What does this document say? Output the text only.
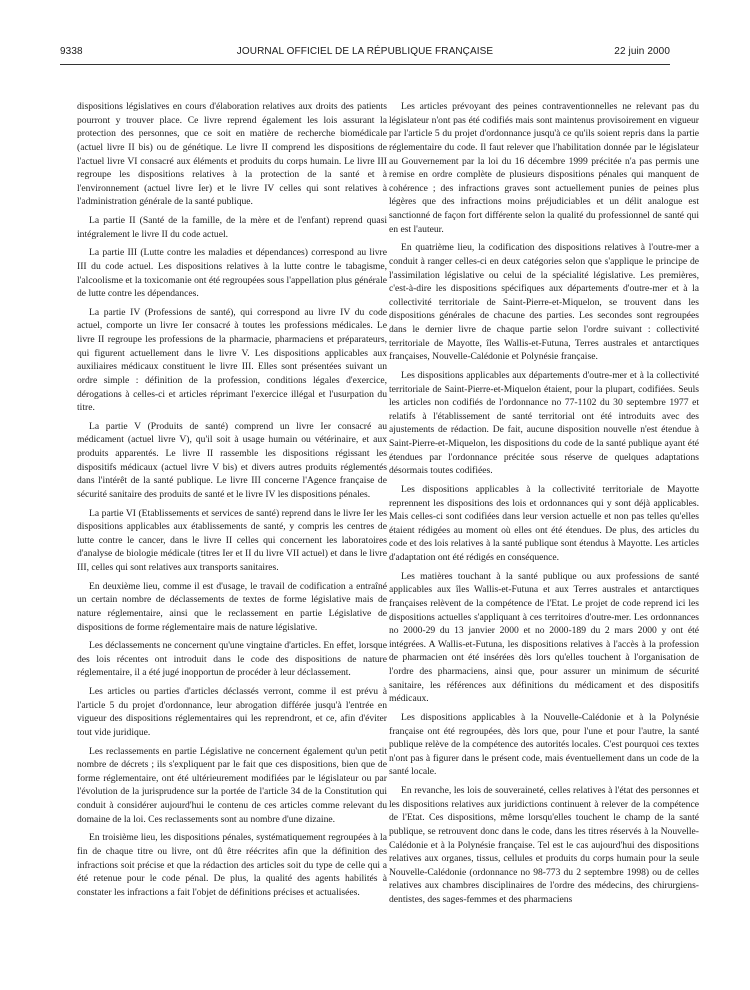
9338	JOURNAL OFFICIEL DE LA RÉPUBLIQUE FRANÇAISE	22 juin 2000

dispositions législatives en cours d'élaboration relatives aux droits des patients pourront y trouver place. Ce livre reprend également les lois assurant la protection des personnes, que ce soit en matière de recherche biomédicale (actuel livre II bis) ou de génétique. Le livre II comprend les dispositions de l'actuel livre VI consacré aux éléments et produits du corps humain. Le livre III regroupe les dispositions relatives à la protection de la santé et à l'environnement (actuel livre Ier) et le livre IV celles qui sont relatives à l'administration générale de la santé publique.

La partie II (Santé de la famille, de la mère et de l'enfant) reprend quasi intégralement le livre II du code actuel.

La partie III (Lutte contre les maladies et dépendances) correspond au livre III du code actuel. Les dispositions relatives à la lutte contre le tabagisme, l'alcoolisme et la toxicomanie ont été regroupées sous l'appellation plus générale de lutte contre les dépendances.

La partie IV (Professions de santé), qui correspond au livre IV du code actuel, comporte un livre Ier consacré à toutes les professions médicales. Le livre II regroupe les professions de la pharmacie, pharmaciens et préparateurs, qui figurent actuellement dans le livre V. Les dispositions applicables aux auxiliaires médicaux constituent le livre III. Elles sont présentées suivant un ordre simple : définition de la profession, conditions légales d'exercice, dérogations à celles-ci et articles réprimant l'exercice illégal et l'usurpation du titre.

La partie V (Produits de santé) comprend un livre Ier consacré au médicament (actuel livre V), qu'il soit à usage humain ou vétérinaire, et aux produits apparentés. Le livre II rassemble les dispositions régissant les dispositifs médicaux (actuel livre V bis) et divers autres produits réglementés dans l'intérêt de la santé publique. Le livre III concerne l'Agence française de sécurité sanitaire des produits de santé et le livre IV les dispositions pénales.

La partie VI (Etablissements et services de santé) reprend dans le livre Ier les dispositions applicables aux établissements de santé, y compris les centres de lutte contre le cancer, dans le livre II celles qui concernent les laboratoires d'analyse de biologie médicale (titres Ier et II du livre VII actuel) et dans le livre III, celles qui sont relatives aux transports sanitaires.

En deuxième lieu, comme il est d'usage, le travail de codification a entraîné un certain nombre de déclassements de textes de forme législative mais de nature réglementaire, ainsi que le reclassement en partie Législative de dispositions de forme réglementaire mais de nature législative.

Les déclassements ne concernent qu'une vingtaine d'articles. En effet, lorsque des lois récentes ont introduit dans le code des dispositions de nature réglementaire, il a été jugé inopportun de procéder à leur déclassement.

Les articles ou parties d'articles déclassés verront, comme il est prévu à l'article 5 du projet d'ordonnance, leur abrogation différée jusqu'à l'entrée en vigueur des dispositions réglementaires qui les reprendront, et ce, afin d'éviter tout vide juridique.

Les reclassements en partie Législative ne concernent également qu'un petit nombre de décrets ; ils s'expliquent par le fait que ces dispositions, bien que de forme réglementaire, ont été ultérieurement modifiées par le législateur ou par l'évolution de la jurisprudence sur la portée de l'article 34 de la Constitution qui conduit à considérer aujourd'hui le contenu de ces articles comme relevant du domaine de la loi. Ces reclassements sont au nombre d'une dizaine.

En troisième lieu, les dispositions pénales, systématiquement regroupées à la fin de chaque titre ou livre, ont dû être réécrites afin que la définition des infractions soit précise et que la rédaction des articles soit du type de celle qui a été retenue pour le code pénal. De plus, la qualité des agents habilités à constater les infractions a fait l'objet de définitions précises et actualisées.

Les articles prévoyant des peines contraventionnelles ne relevant pas du législateur n'ont pas été codifiés mais sont maintenus provisoirement en vigueur par l'article 5 du projet d'ordonnance jusqu'à ce qu'ils soient repris dans la partie réglementaire du code. Il faut relever que l'habilitation donnée par le législateur au Gouvernement par la loi du 16 décembre 1999 précitée n'a pas permis une remise en ordre complète de plusieurs dispositions pénales qui manquent de cohérence ; des infractions graves sont actuellement punies de peines plus légères que des infractions moins préjudiciables et un délit analogue est sanctionné de façon fort différente selon la qualité du professionnel de santé qui en est l'auteur.

En quatrième lieu, la codification des dispositions relatives à l'outre-mer a conduit à ranger celles-ci en deux catégories selon que s'applique le principe de l'assimilation législative ou celui de la spécialité législative. Les premières, c'est-à-dire les dispositions spécifiques aux départements d'outre-mer et à la collectivité territoriale de Saint-Pierre-et-Miquelon, se trouvent dans les dispositions générales de chacune des parties. Les secondes sont regroupées dans le dernier livre de chaque partie selon l'ordre suivant : collectivité territoriale de Mayotte, îles Wallis-et-Futuna, Terres australes et antarctiques françaises, Nouvelle-Calédonie et Polynésie française.

Les dispositions applicables aux départements d'outre-mer et à la collectivité territoriale de Saint-Pierre-et-Miquelon étaient, pour la plupart, codifiées. Seuls les articles non codifiés de l'ordonnance no 77-1102 du 30 septembre 1977 et relatifs à l'établissement de santé territorial ont été introduits avec des ajustements de rédaction. De fait, aucune disposition nouvelle n'est étendue à Saint-Pierre-et-Miquelon, les dispositions du code de la santé publique ayant été étendues par l'ordonnance précitée sous réserve de quelques adaptations désormais toutes codifiées.

Les dispositions applicables à la collectivité territoriale de Mayotte reprennent les dispositions des lois et ordonnances qui y sont déjà applicables. Mais celles-ci sont codifiées dans leur version actuelle et non pas telles qu'elles étaient rédigées au moment où elles ont été étendues. De plus, des articles du code et des lois relatives à la santé publique sont étendus à Mayotte. Les articles d'adaptation ont été rédigés en conséquence.

Les matières touchant à la santé publique ou aux professions de santé applicables aux îles Wallis-et-Futuna et aux Terres australes et antarctiques françaises relèvent de la compétence de l'Etat. Le projet de code reprend ici les dispositions actuelles s'appliquant à ces territoires d'outre-mer. Les ordonnances no 2000-29 du 13 janvier 2000 et no 2000-189 du 2 mars 2000 y ont été intégrées. A Wallis-et-Futuna, les dispositions relatives à l'accès à la profession de pharmacien ont été insérées dès lors qu'elles touchent à l'organisation de l'ordre des pharmaciens, ainsi que, pour assurer un minimum de sécurité sanitaire, les références aux définitions du médicament et des dispositifs médicaux.

Les dispositions applicables à la Nouvelle-Calédonie et à la Polynésie française ont été regroupées, dès lors que, pour l'une et pour l'autre, la santé publique relève de la compétence des autorités locales. C'est pourquoi ces textes n'ont pas à figurer dans le présent code, mais éventuellement dans un code de la santé locale.

En revanche, les lois de souveraineté, celles relatives à l'état des personnes et les dispositions relatives aux juridictions continuent à relever de la compétence de l'Etat. Ces dispositions, même lorsqu'elles touchent le champ de la santé publique, se retrouvent donc dans le code, dans les titres réservés à la Nouvelle-Calédonie et à la Polynésie française. Tel est le cas aujourd'hui des dispositions relatives aux organes, tissus, cellules et produits du corps humain pour la seule Nouvelle-Calédonie (ordonnance no 98-773 du 2 septembre 1998) ou de celles relatives aux chambres disciplinaires de l'ordre des médecins, des chirurgiens-dentistes, des sages-femmes et des pharmaciens
